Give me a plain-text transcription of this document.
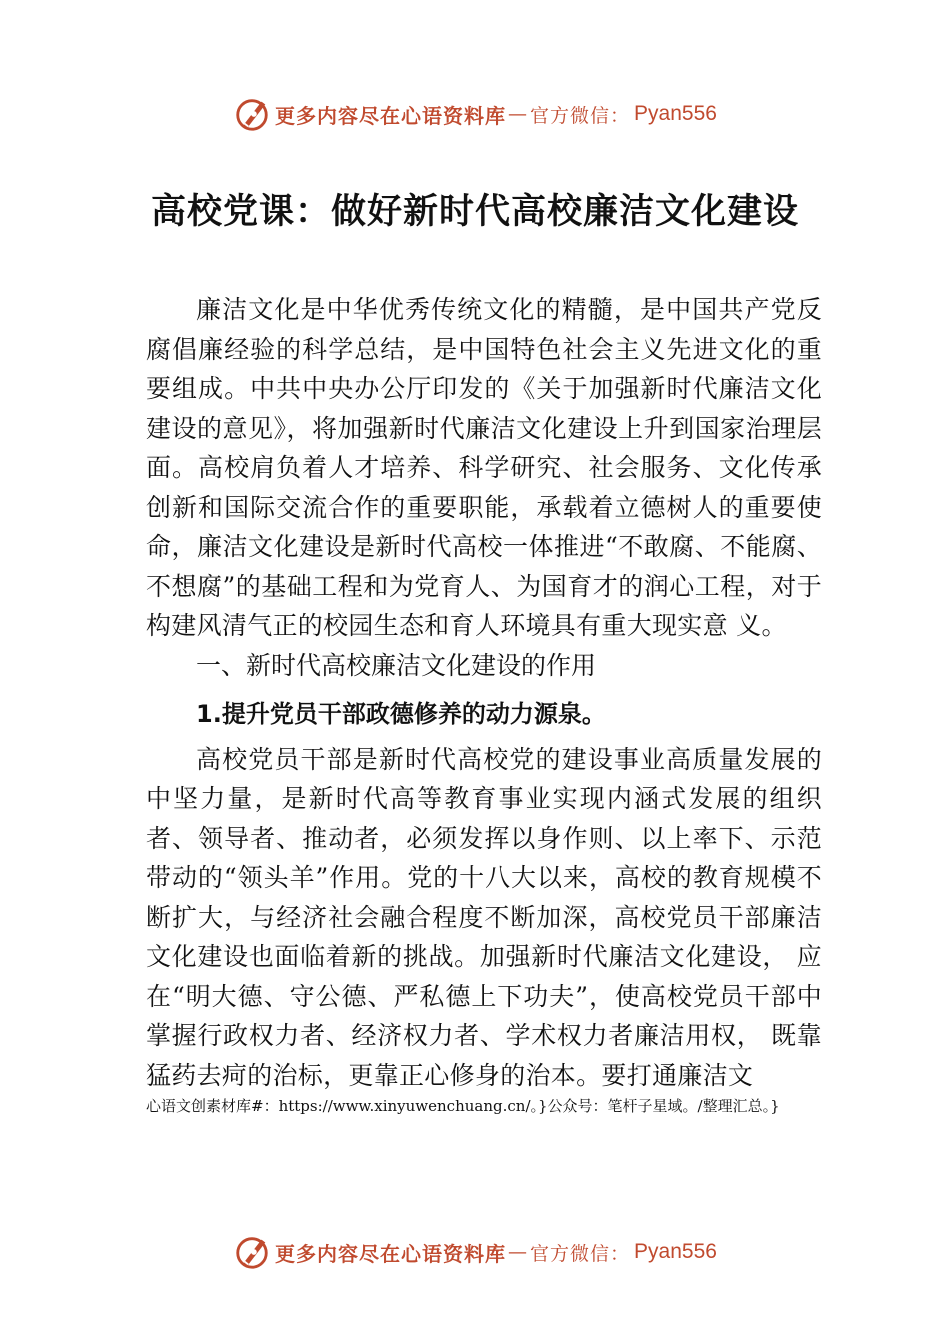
更多内容尽在心语资料库 — 官方微信： Pyan556
高校党课：做好新时代高校廉洁文化建设

廉洁文化是中华优秀传统文化的精髓，是中国共产党反腐倡廉经验的科学总结，是中国特色社会主义先进文化的重要组成。中共中央办公厅印发的《关于加强新时代廉洁文化建设的意见》，将加强新时代廉洁文化建设上升到国家治理层面。高校肩负着人才培养、科学研究、社会服务、文化传承创新和国际交流合作的重要职能，承载着立德树人的重要使命，廉洁文化建设是新时代高校一体推进“不敢腐、不能腐、不想腐”的基础工程和为党育人、为国育才的润心工程，对于构建风清气正的校园生态和育人环境具有重大现实意 义。

一、新时代高校廉洁文化建设的作用

1.提升党员干部政德修养的动力源泉。

高校党员干部是新时代高校党的建设事业高质量发展的中坚力量，是新时代高等教育事业实现内涵式发展的组织者、领导者、推动者，必须发挥以身作则、以上率下、示范带动的“领头羊”作用。党的十八大以来，高校的教育规模不断扩大，与经济社会融合程度不断加深，高校党员干部廉洁文化建设也面临着新的挑战。加强新时代廉洁文化建设， 应在“明大德、守公德、严私德上下功夫”，使高校党员干部中掌握行政权力者、经济权力者、学术权力者廉洁用权， 既靠猛药去疴的治标，更靠正心修身的治本。要打通廉洁文

心语文创素材库#：https://www.xinyuwenchuang.cn/。}公众号：笔杆子星域。/整理汇总。}

更多内容尽在心语资料库 — 官方微信： Pyan556
